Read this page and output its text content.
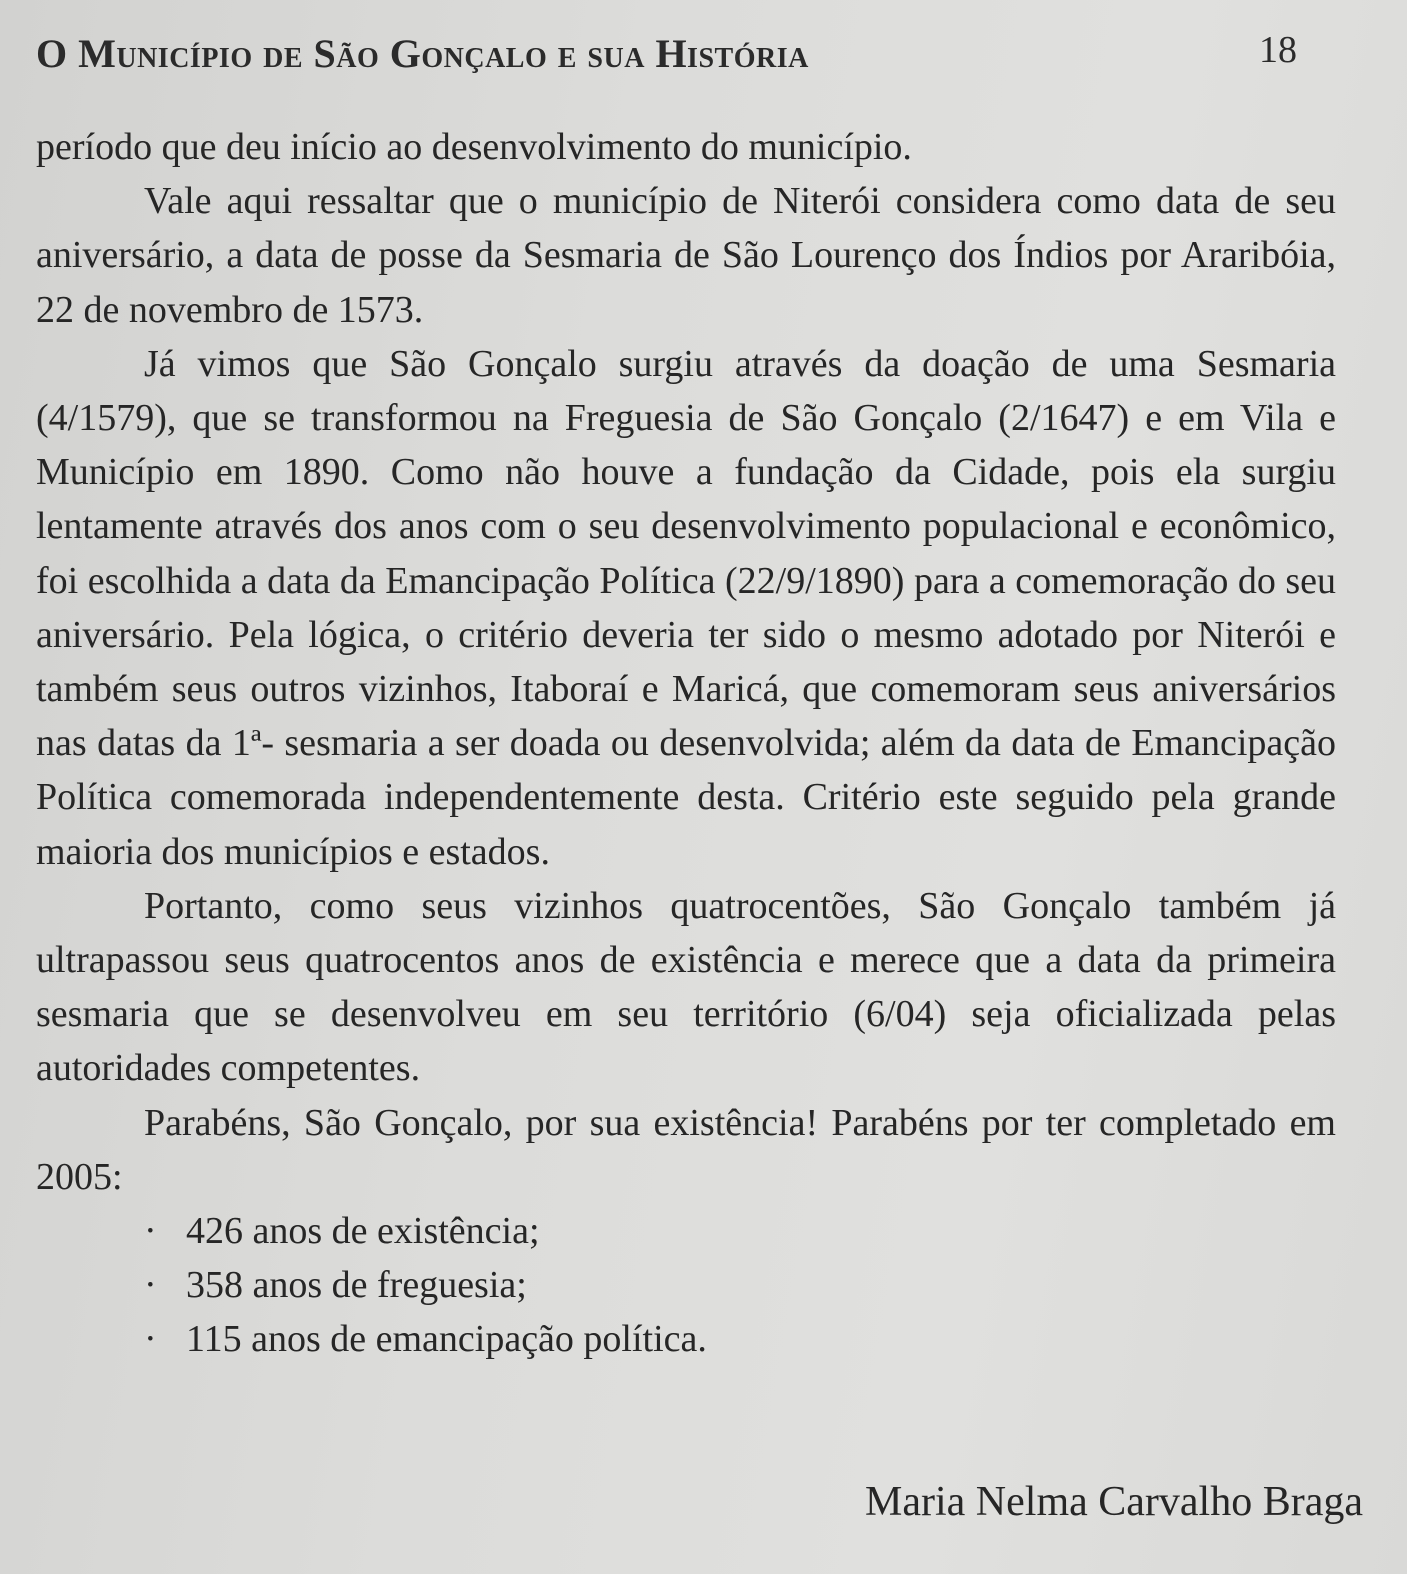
O Município de São Gonçalo e sua História	18

período que deu início ao desenvolvimento do município.

Vale aqui ressaltar que o município de Niterói considera como data de seu aniversário, a data de posse da Sesmaria de São Lourenço dos Índios por Araribóia, 22 de novembro de 1573.

Já vimos que São Gonçalo surgiu através da doação de uma Sesmaria (4/1579), que se transformou na Freguesia de São Gonçalo (2/1647) e em Vila e Município em 1890. Como não houve a fundação da Cidade, pois ela surgiu lentamente através dos anos com o seu desenvolvimento populacional e econômico, foi escolhida a data da Emancipação Política (22/9/1890) para a comemoração do seu aniversário. Pela lógica, o critério deveria ter sido o mesmo adotado por Niterói e também seus outros vizinhos, Itaboraí e Maricá, que comemoram seus aniversários nas datas da 1ª- sesmaria a ser doada ou desenvolvida; além da data de Emancipação Política comemorada independentemente desta. Critério este seguido pela grande maioria dos municípios e estados.

Portanto, como seus vizinhos quatrocentões, São Gonçalo também já ultrapassou seus quatrocentos anos de existência e merece que a data da primeira sesmaria que se desenvolveu em seu território (6/04) seja oficializada pelas autoridades competentes.

Parabéns, São Gonçalo, por sua existência! Parabéns por ter completado em 2005:

· 426 anos de existência;
· 358 anos de freguesia;
· 115 anos de emancipação política.
Maria Nelma Carvalho Braga
